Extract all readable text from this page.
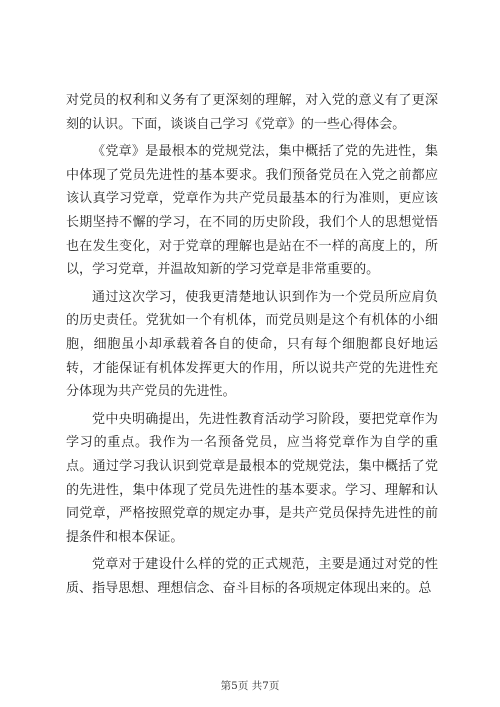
对党员的权利和义务有了更深刻的理解，对入党的意义有了更深刻的认识。下面，谈谈自己学习《党章》的一些心得体会。

《党章》是最根本的党规党法，集中概括了党的先进性，集中体现了党员先进性的基本要求。我们预备党员在入党之前都应该认真学习党章，党章作为共产党员最基本的行为准则，更应该长期坚持不懈的学习，在不同的历史阶段，我们个人的思想觉悟也在发生变化，对于党章的理解也是站在不一样的高度上的，所以，学习党章，并温故知新的学习党章是非常重要的。

通过这次学习，使我更清楚地认识到作为一个党员所应肩负的历史责任。党犹如一个有机体，而党员则是这个有机体的小细胞，细胞虽小却承载着各自的使命，只有每个细胞都良好地运转，才能保证有机体发挥更大的作用，所以说共产党的先进性充分体现为共产党员的先进性。

党中央明确提出，先进性教育活动学习阶段，要把党章作为学习的重点。我作为一名预备党员，应当将党章作为自学的重点。通过学习我认识到党章是最根本的党规党法，集中概括了党的先进性，集中体现了党员先进性的基本要求。学习、理解和认同党章，严格按照党章的规定办事，是共产党员保持先进性的前提条件和根本保证。

党章对于建设什么样的党的正式规范，主要是通过对党的性质、指导思想、理想信念、奋斗目标的各项规定体现出来的。总

第5页 共7页
